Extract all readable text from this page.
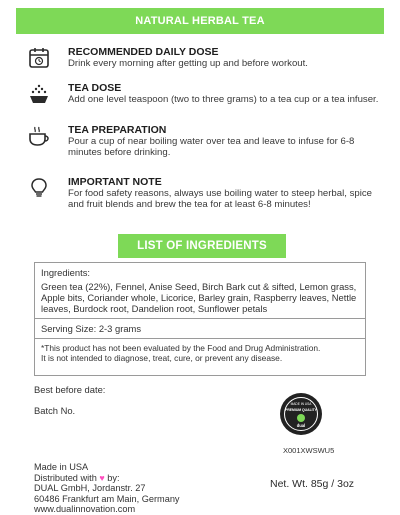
NATURAL HERBAL TEA
RECOMMENDED DAILY DOSE

Drink every morning after getting up and before workout.

TEA DOSE

Add one level teaspoon (two to three grams) to a tea cup or a tea infuser.

TEA PREPARATION

Pour a cup of near boiling water over tea and leave to infuse for 6-8 minutes before drinking.

IMPORTANT NOTE

For food safety reasons, always use boiling water to steep herbal, spice and fruit blends and brew the tea for at least 6-8 minutes!

LIST OF INGREDIENTS
Ingredients:
Green tea (22%), Fennel, Anise Seed, Birch Bark cut & sifted, Lemon grass, Apple bits, Coriander whole, Licorice, Barley grain, Raspberry leaves, Nettle leaves, Burdock root, Dandelion root, Sunflower petals
Serving Size: 2-3 grams
*This product has not been evaluated by the Food and Drug Administration.
It is not intended to diagnose, treat, cure, or prevent any disease.
Best before date:
Batch No.
MADE IN USA
PREMIUM QUALITY
dual
X001XWSWU5
Made in USA
Distributed with ♥ by:
DUAL GmbH, Jordanstr. 27
60486 Frankfurt am Main, Germany
www.dualinnovation.com
Net. Wt. 85g / 3oz
